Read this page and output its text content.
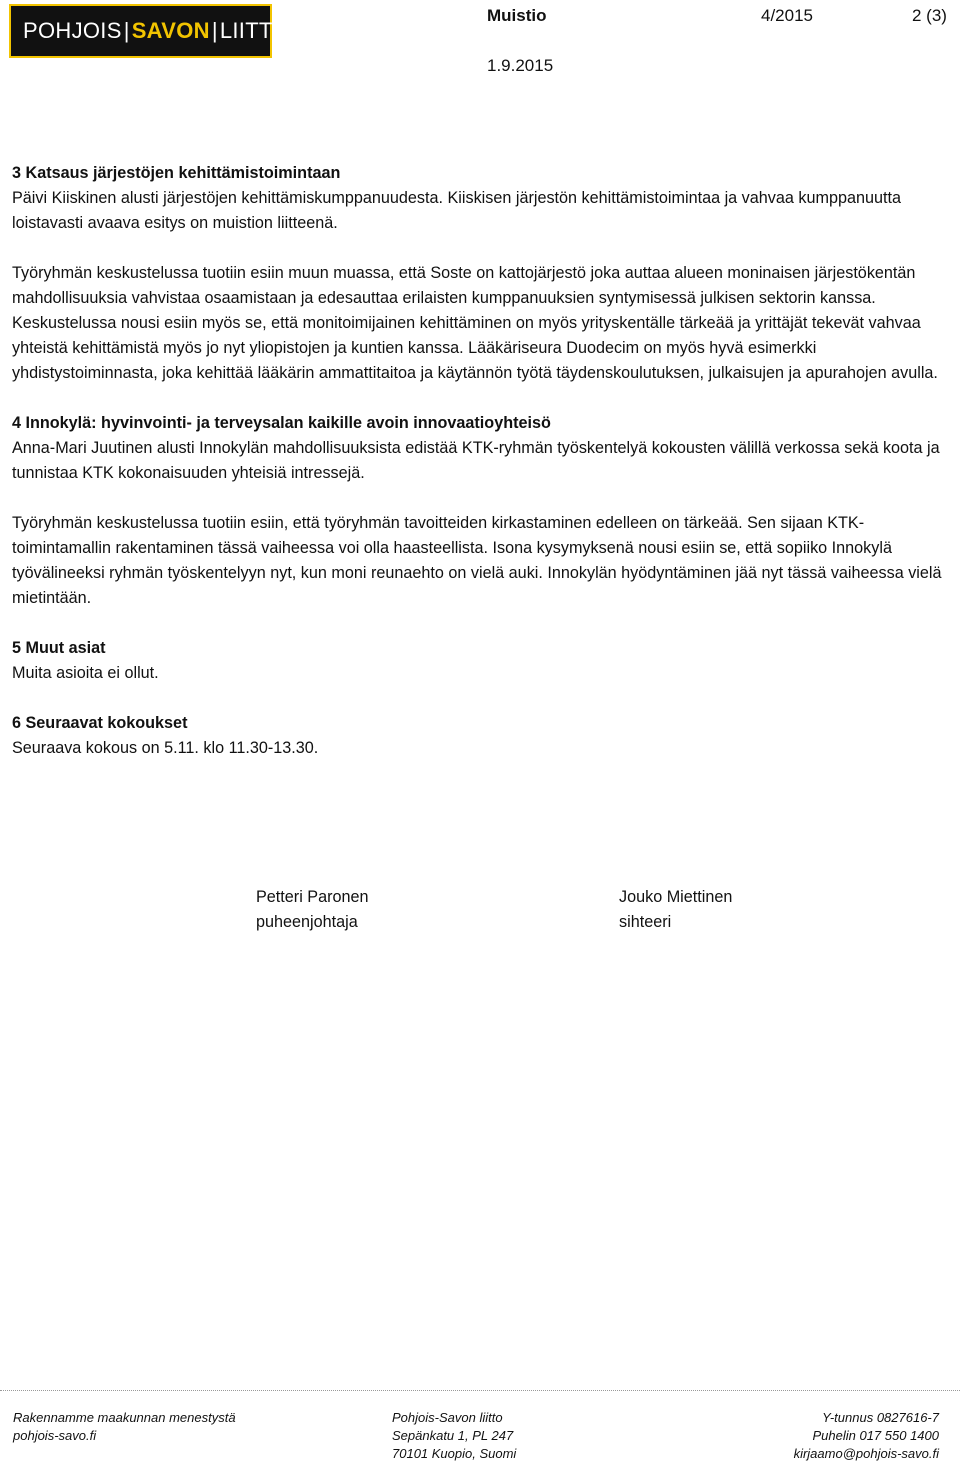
POHJOIS | SAVON | LIITTO
Muistio	4/2015	2 (3)
1.9.2015
3 Katsaus järjestöjen kehittämistoimintaan

Päivi Kiiskinen alusti järjestöjen kehittämiskumppanuudesta. Kiiskisen järjestön kehittämistoimintaa ja vahvaa kumppanuutta loistavasti avaava esitys on muistion liitteenä.

Työryhmän keskustelussa tuotiin esiin muun muassa, että Soste on kattojärjestö joka auttaa alueen moninaisen järjestökentän mahdollisuuksia vahvistaa osaamistaan ja edesauttaa erilaisten kumppanuuksien syntymisessä julkisen sektorin kanssa. Keskustelussa nousi esiin myös se, että monitoimijainen kehittäminen on myös yrityskentälle tärkeää ja yrittäjät tekevät vahvaa yhteistä kehittämistä myös jo nyt yliopistojen ja kuntien kanssa. Lääkäriseura Duodecim on myös hyvä esimerkki yhdistystoiminnasta, joka kehittää lääkärin ammattitaitoa ja käytännön työtä täydenskoulutuksen, julkaisujen ja apurahojen avulla.

4 Innokylä: hyvinvointi- ja terveysalan kaikille avoin innovaatioyhteisö

Anna-Mari Juutinen alusti Innokylän mahdollisuuksista edistää KTK-ryhmän työskentelyä kokousten välillä verkossa sekä koota ja tunnistaa KTK kokonaisuuden yhteisiä intressejä.

Työryhmän keskustelussa tuotiin esiin, että työryhmän tavoitteiden kirkastaminen edelleen on tärkeää. Sen sijaan KTK- toimintamallin rakentaminen tässä vaiheessa voi olla haasteellista. Isona kysymyksenä nousi esiin se, että sopiiko Innokylä työvälineeksi ryhmän työskentelyyn nyt, kun moni reunaehto on vielä auki. Innokylän hyödyntäminen jää nyt tässä vaiheessa vielä mietintään.

5 Muut asiat

Muita asioita ei ollut.

6 Seuraavat kokoukset

Seuraava kokous on 5.11. klo 11.30-13.30.

Petteri Paronen
puheenjohtaja
Jouko Miettinen
sihteeri
Rakennamme maakunnan menestystä
pohjois-savo.fi
Pohjois-Savon liitto
Sepänkatu 1, PL 247
70101 Kuopio, Suomi
Y-tunnus 0827616-7
Puhelin 017 550 1400
kirjaamo@pohjois-savo.fi
